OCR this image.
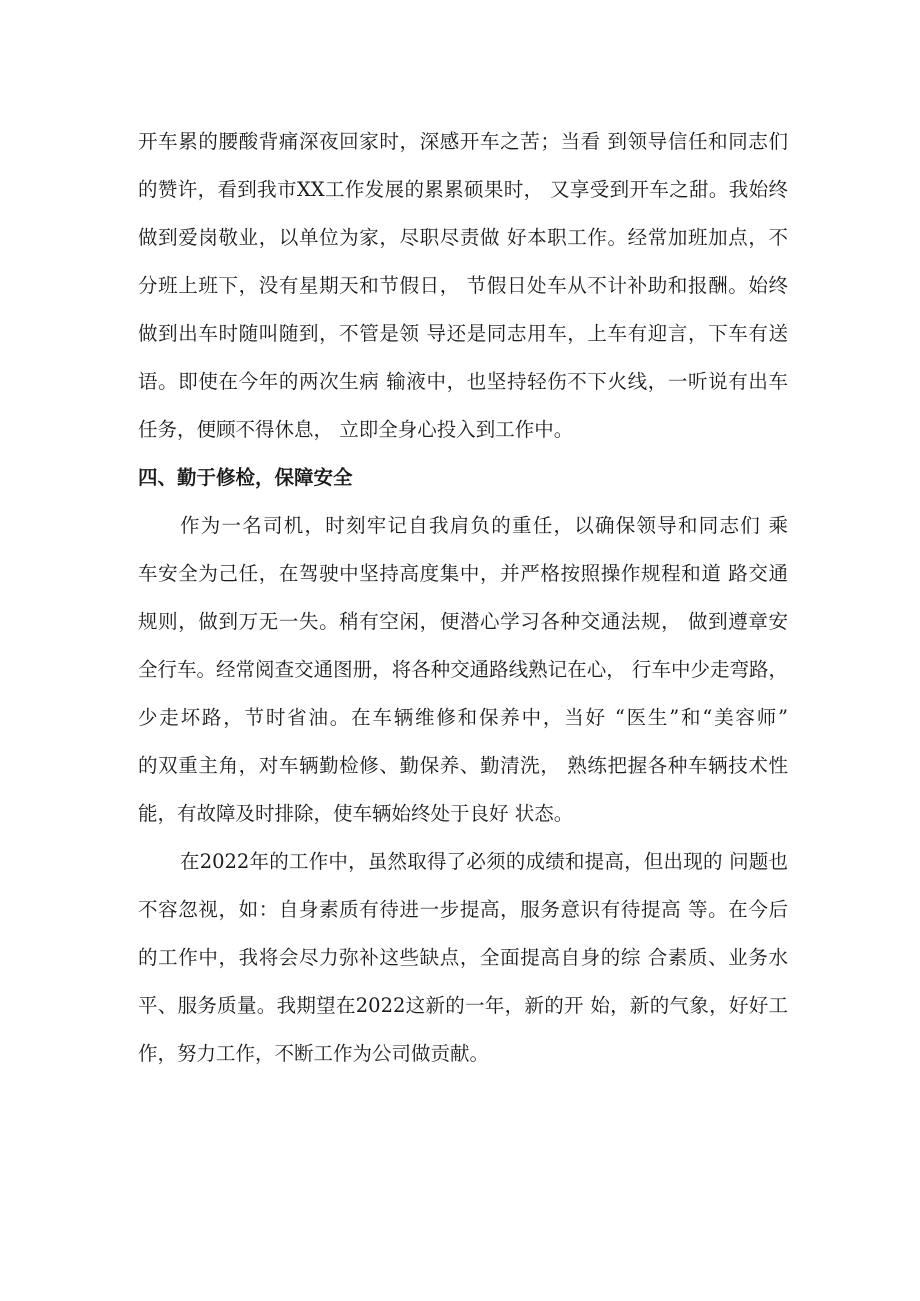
开车累的腰酸背痛深夜回家时，深感开车之苦；当看 到领导信任和同志们
的赞许，看到我市XX工作发展的累累硕果时， 又享受到开车之甜。我始终
做到爱岗敬业，以单位为家，尽职尽责做 好本职工作。经常加班加点，不
分班上班下，没有星期天和节假日， 节假日处车从不计补助和报酬。始终
做到出车时随叫随到，不管是领 导还是同志用车，上车有迎言，下车有送
语。即使在今年的两次生病 输液中，也坚持轻伤不下火线，一听说有出车
任务，便顾不得休息， 立即全身心投入到工作中。
四、勤于修检，保障安全
作为一名司机，时刻牢记自我肩负的重任，以确保领导和同志们 乘
车安全为己任，在驾驶中坚持高度集中，并严格按照操作规程和道 路交通
规则，做到万无一失。稍有空闲，便潜心学习各种交通法规， 做到遵章安
全行车。经常阅查交通图册，将各种交通路线熟记在心， 行车中少走弯路，
少走坏路，节时省油。在车辆维修和保养中，当好 “医生”和“美容师”
的双重主角，对车辆勤检修、勤保养、勤清洗， 熟练把握各种车辆技术性
能，有故障及时排除，使车辆始终处于良好 状态。
在2022年的工作中，虽然取得了必须的成绩和提高，但出现的 问题也
不容忽视，如：自身素质有待进一步提高，服务意识有待提高 等。在今后
的工作中，我将会尽力弥补这些缺点，全面提高自身的综 合素质、业务水
平、服务质量。我期望在2022这新的一年，新的开 始，新的气象，好好工
作，努力工作，不断工作为公司做贡献。
